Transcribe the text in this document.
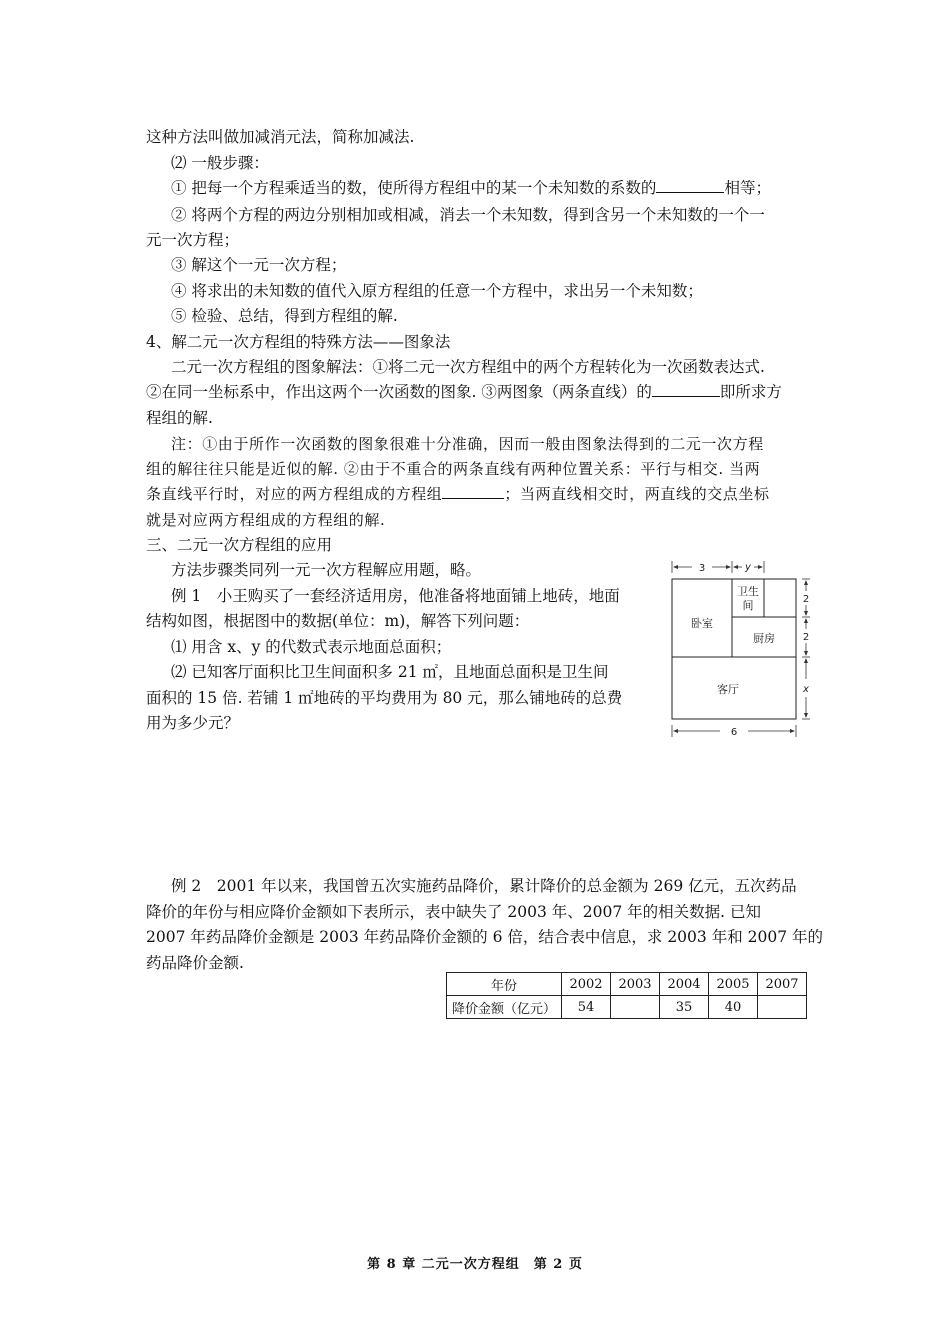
这种方法叫做加减消元法，简称加减法.
⑵ 一般步骤：
① 把每一个方程乘适当的数，使所得方程组中的某一个未知数的系数的	相等；
② 将两个方程的两边分别相加或相减，消去一个未知数，得到含另一个未知数的一个一
元一次方程；
③ 解这个一元一次方程；
④ 将求出的未知数的值代入原方程组的任意一个方程中，求出另一个未知数；
⑤ 检验、总结，得到方程组的解.
4、解二元一次方程组的特殊方法——图象法
二元一次方程组的图象解法：①将二元一次方程组中的两个方程转化为一次函数表达式.
②在同一坐标系中，作出这两个一次函数的图象. ③两图象（两条直线）的	即所求方
程组的解.
注：①由于所作一次函数的图象很难十分准确，因而一般由图象法得到的二元一次方程
组的解往往只能是近似的解. ②由于不重合的两条直线有两种位置关系：平行与相交. 当两
条直线平行时，对应的两方程组成的方程组	；当两直线相交时，两直线的交点坐标
就是对应两方程组成的方程组的解.
三、二元一次方程组的应用
方法步骤类同列一元一次方程解应用题，略。
例 1　小王购买了一套经济适用房，他准备将地面铺上地砖，地面
结构如图，根据图中的数据(单位：m)，解答下列问题：
⑴ 用含 x、y 的代数式表示地面总面积；
⑵ 已知客厅面积比卫生间面积多 21 ㎡，且地面总面积是卫生间
面积的 15 倍. 若铺 1 ㎡地砖的平均费用为 80 元，那么铺地砖的总费
用为多少元？
3	y
2
2
x
6
卫生
间
卧室
厨房
客厅
例 2　2001 年以来，我国曾五次实施药品降价，累计降价的总金额为 269 亿元，五次药品
降价的年份与相应降价金额如下表所示，表中缺失了 2003 年、2007 年的相关数据. 已知
2007 年药品降价金额是 2003 年药品降价金额的 6 倍，结合表中信息，求 2003 年和 2007 年的
药品降价金额.
年份	2002	2003	2004	2005	2007
降价金额（亿元）	54		35	40	
第 8 章 二元一次方程组　第 2 页
